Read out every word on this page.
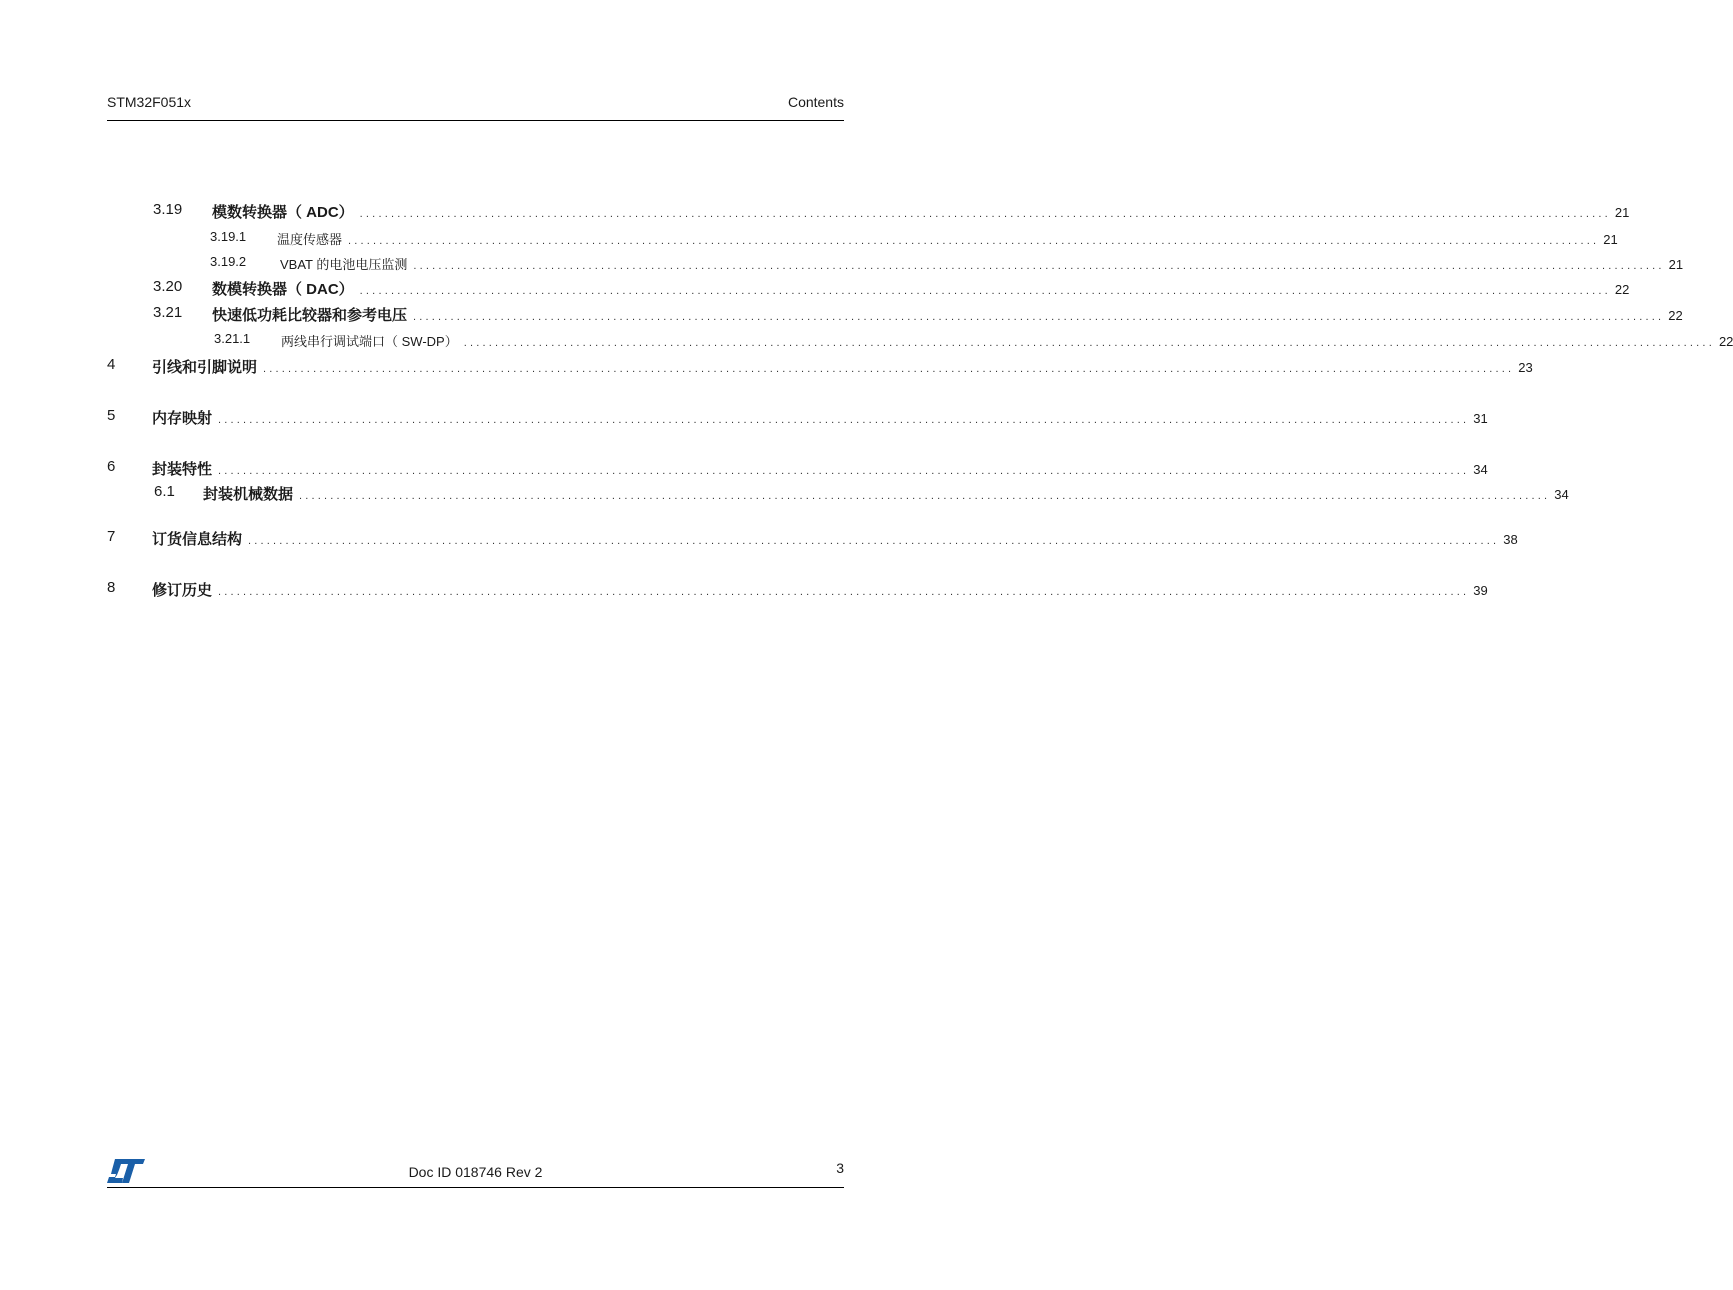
STM32F051x	Contents
3.19 模数转换器（ ADC） ........................................................................................................................................................................................................ 21
3.19.1 温度传感器 ........................................................................................................................................................................................................ 21
3.19.2	VBAT 的电池电压监测 ........................................................................................................................................................................................................ 21
3.20 数模转换器（ DAC） ........................................................................................................................................................................................................ 22
3.21 快速低功耗比较器和参考电压 ........................................................................................................................................................................................................ 22
3.21.1 两线串行调试端口（ SW-DP） ........................................................................................................................................................................................................ 22
4 引线和引脚说明 ........................................................................................................................................................................................................ 23
5 内存映射 ........................................................................................................................................................................................................ 31
6 封装特性 ........................................................................................................................................................................................................ 34
6.1 封装机械数据 ........................................................................................................................................................................................................ 34
7 订货信息结构 ........................................................................................................................................................................................................ 38
8 修订历史 ........................................................................................................................................................................................................ 39
Doc ID 018746 Rev 2	3
